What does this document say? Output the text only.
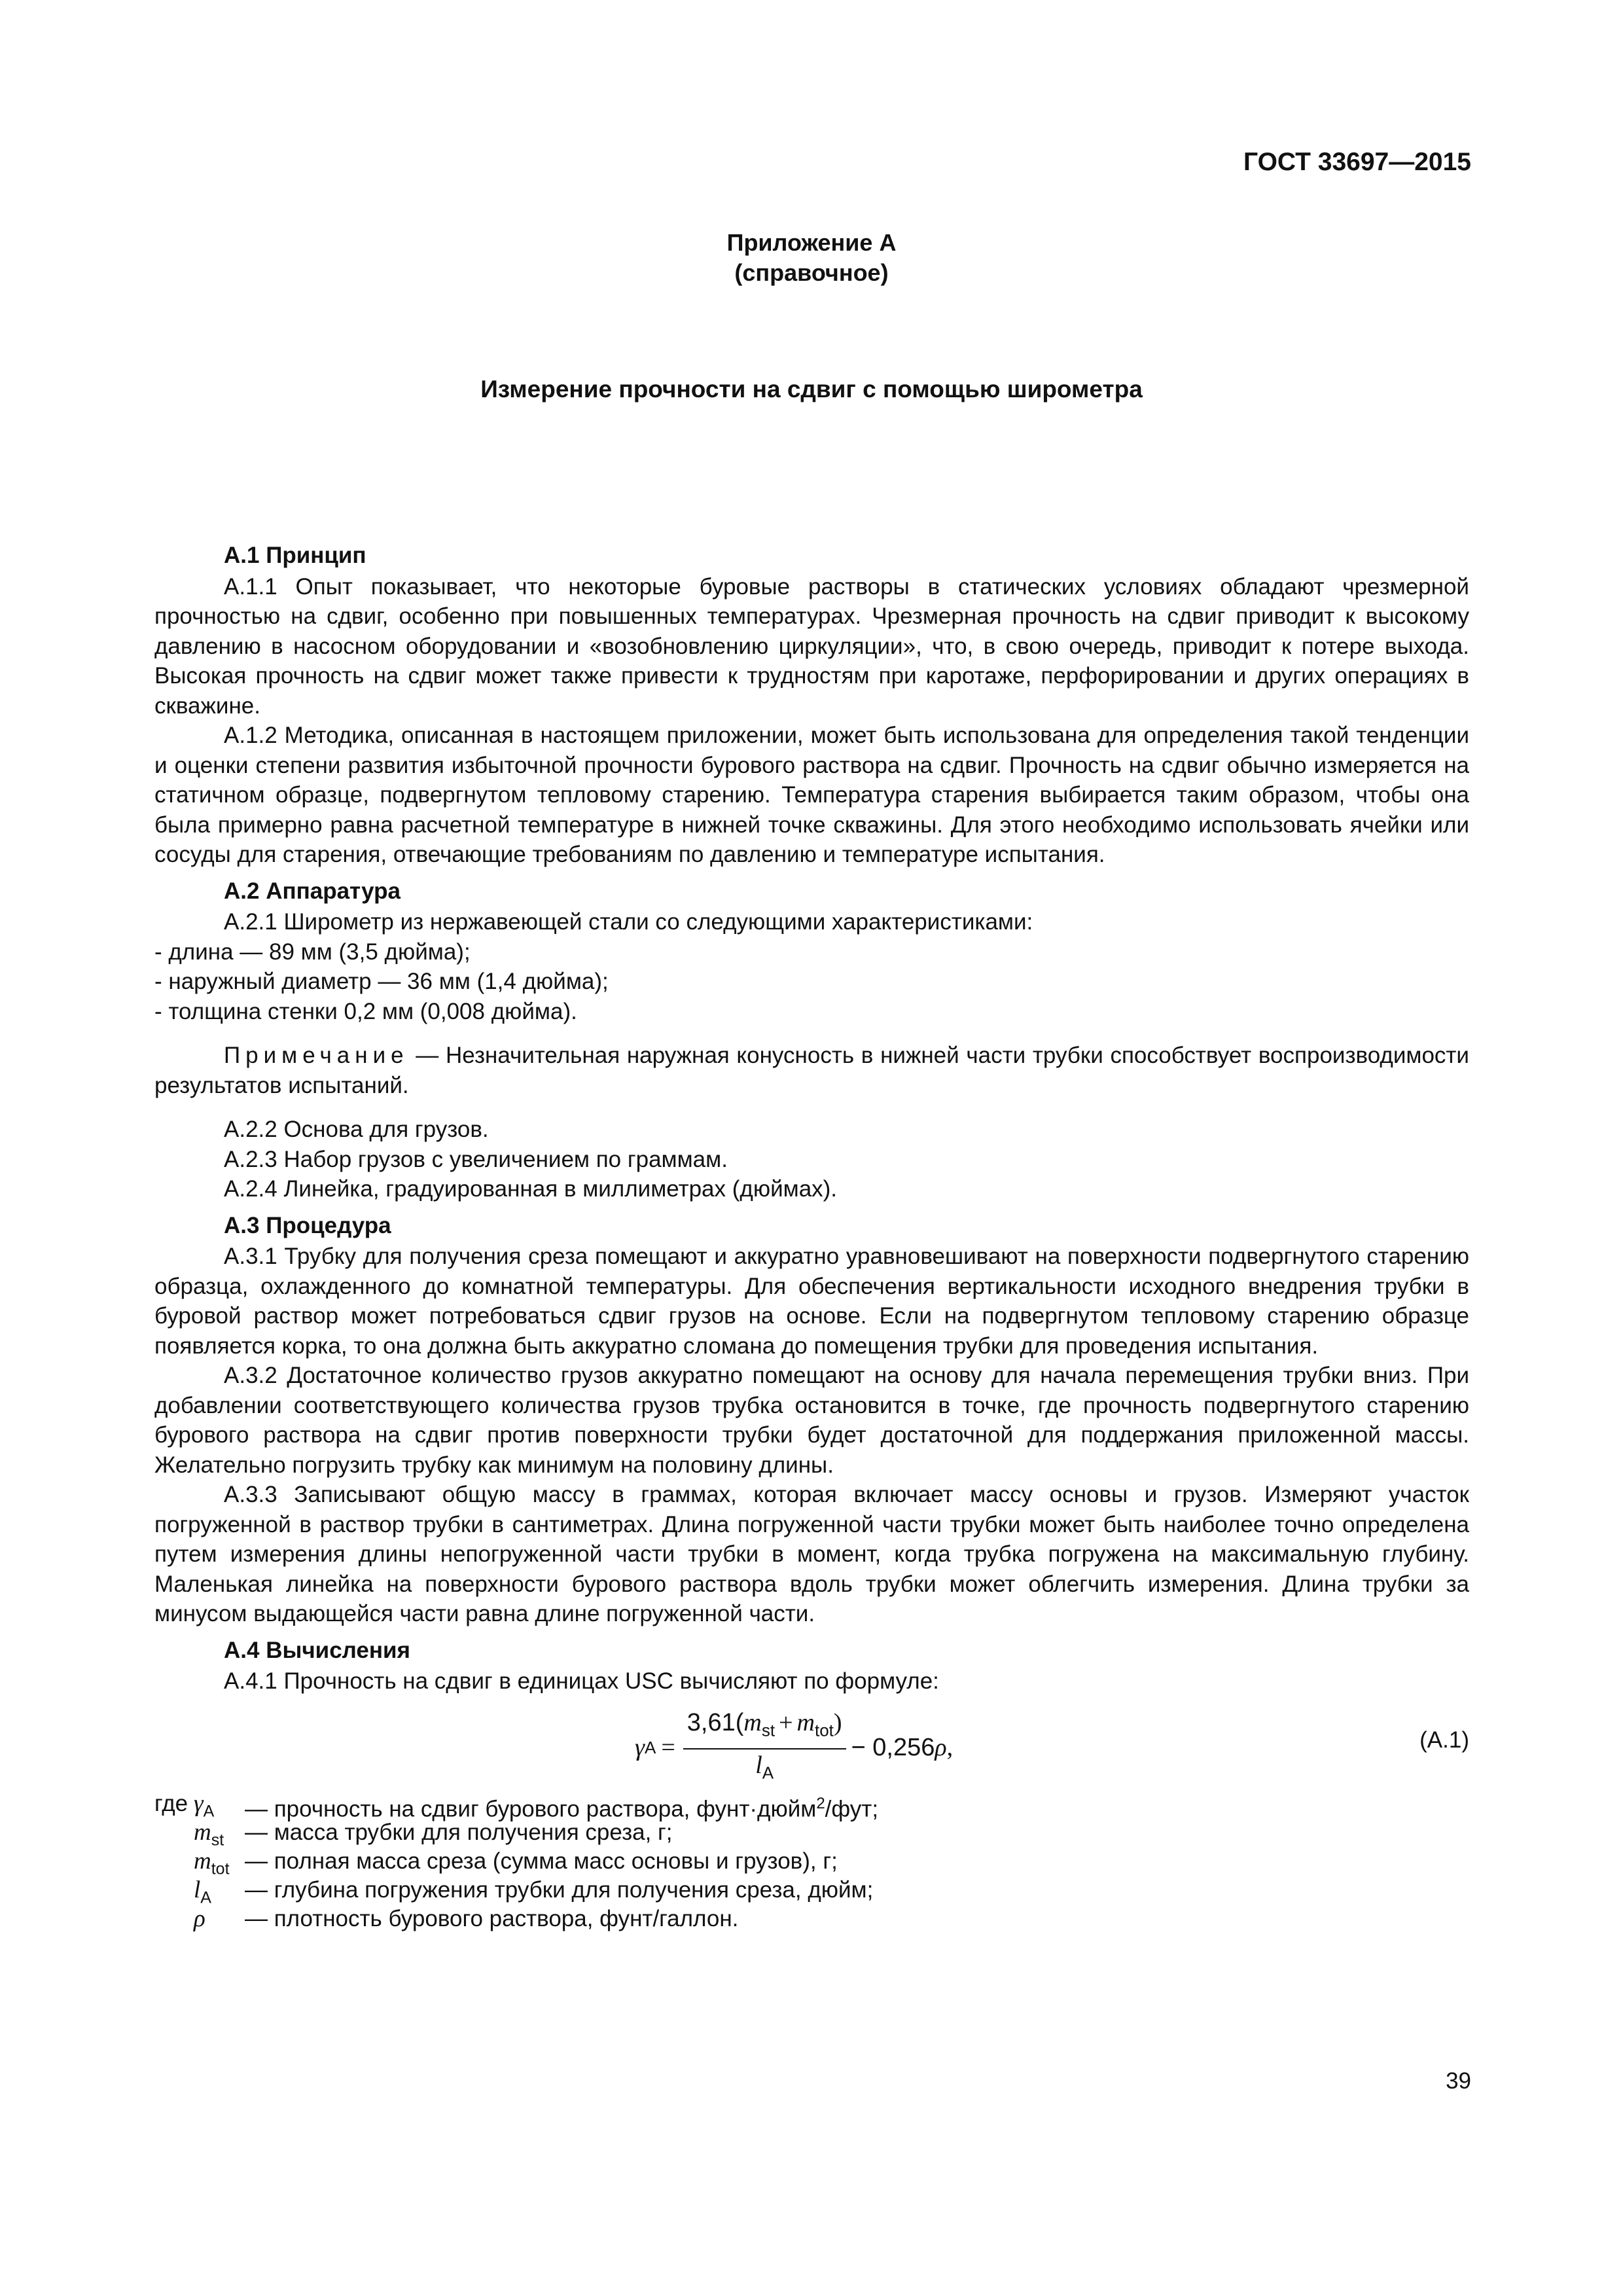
ГОСТ 33697—2015
Приложение А
(справочное)
Измерение прочности на сдвиг с помощью широметра

А.1 Принцип

А.1.1 Опыт показывает, что некоторые буровые растворы в статических условиях обладают чрезмерной прочностью на сдвиг, особенно при повышенных температурах. Чрезмерная прочность на сдвиг приводит к высокому давлению в насосном оборудовании и «возобновлению циркуляции», что, в свою очередь, приводит к потере выхода. Высокая прочность на сдвиг может также привести к трудностям при каротаже, перфорировании и других операциях в скважине.

А.1.2 Методика, описанная в настоящем приложении, может быть использована для определения такой тенденции и оценки степени развития избыточной прочности бурового раствора на сдвиг. Прочность на сдвиг обычно измеряется на статичном образце, подвергнутом тепловому старению. Температура старения выбирается таким образом, чтобы она была примерно равна расчетной температуре в нижней точке скважины. Для этого необходимо использовать ячейки или сосуды для старения, отвечающие требованиям по давлению и температуре испытания.

А.2 Аппаратура

А.2.1 Широметр из нержавеющей стали со следующими характеристиками:

- длина — 89 мм (3,5 дюйма);

- наружный диаметр — 36 мм (1,4 дюйма);

- толщина стенки 0,2 мм (0,008 дюйма).

Примечание — Незначительная наружная конусность в нижней части трубки способствует воспроизводимости результатов испытаний.

А.2.2 Основа для грузов.

А.2.3 Набор грузов с увеличением по граммам.

А.2.4 Линейка, градуированная в миллиметрах (дюймах).

А.3 Процедура

А.3.1 Трубку для получения среза помещают и аккуратно уравновешивают на поверхности подвергнутого старению образца, охлажденного до комнатной температуры. Для обеспечения вертикальности исходного внедрения трубки в буровой раствор может потребоваться сдвиг грузов на основе. Если на подвергнутом тепловому старению образце появляется корка, то она должна быть аккуратно сломана до помещения трубки для проведения испытания.

А.3.2 Достаточное количество грузов аккуратно помещают на основу для начала перемещения трубки вниз. При добавлении соответствующего количества грузов трубка остановится в точке, где прочность подвергнутого старению бурового раствора на сдвиг против поверхности трубки будет достаточной для поддержания приложенной массы. Желательно погрузить трубку как минимум на половину длины.

А.3.3 Записывают общую массу в граммах, которая включает массу основы и грузов. Измеряют участок погруженной в раствор трубки в сантиметрах. Длина погруженной части трубки может быть наиболее точно определена путем измерения длины непогруженной части трубки в момент, когда трубка погружена на максимальную глубину. Маленькая линейка на поверхности бурового раствора вдоль трубки может облегчить измерения. Длина трубки за минусом выдающейся части равна длине погруженной части.

А.4 Вычисления

А.4.1 Прочность на сдвиг в единицах USC вычисляют по формуле:

γ $A = \frac{3,61(m_{st} + m_{tot})}{l_A} - 0,256$ ρ ,	(А.1)
где $\gamma_A$	— прочность на сдвиг бурового раствора, фунт·дюйм$^2$/фут;
$m_{st}$ — масса трубки для получения среза, г;
$m_{tot}$ — полная масса среза (сумма масс основы и грузов), г;
$l_A$	— глубина погружения трубки для получения среза, дюйм;
ρ	— плотность бурового раствора, фунт/галлон.
39
